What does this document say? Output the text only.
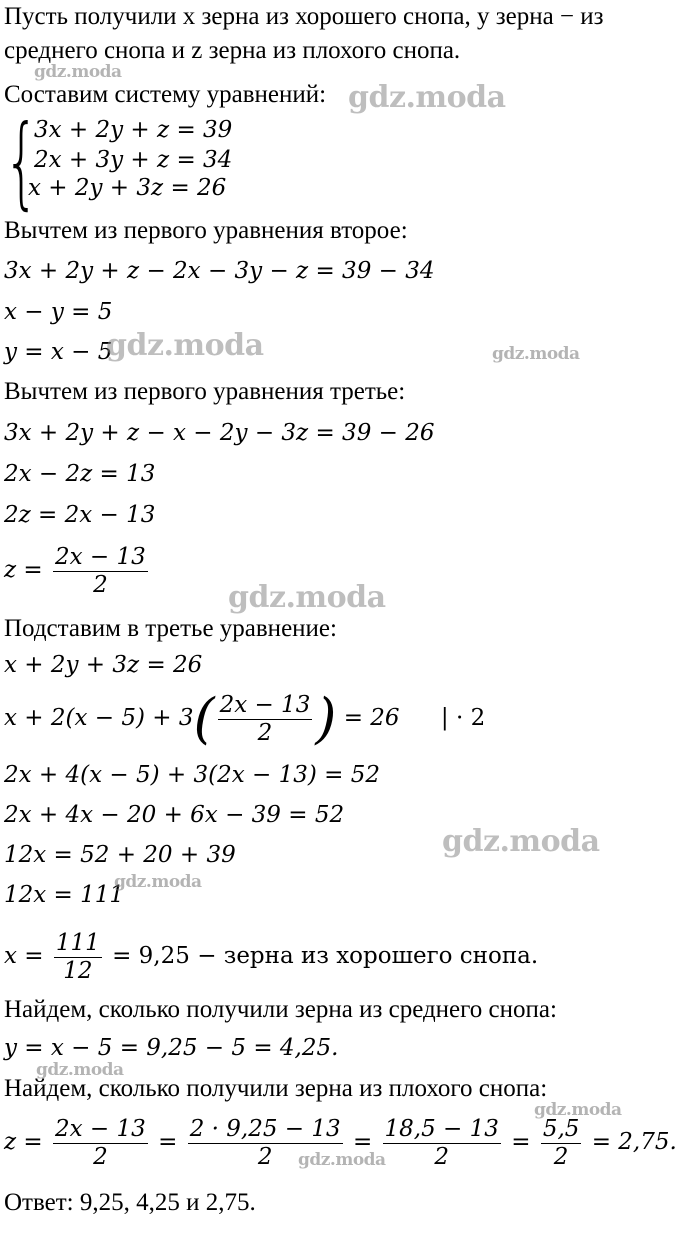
Пусть получили x зерна из хорошего снопа, y зерна − из
среднего снопа и z зерна из плохого снопа.
Составим систему уравнений:
{
3x + 2y + z = 39
2x + 3y + z = 34
x + 2y + 3z = 26
Вычтем из первого уравнения второе:
3x + 2y + z − 2x − 3y − z = 39 − 34
x − y = 5
y = x − 5
Вычтем из первого уравнения третье:
3x + 2y + z − x − 2y − 3z = 39 − 26
2x − 2z = 13
2z = 2x − 13
$z = \frac{2x - 13}{2}$
Подставим в третье уравнение:
x + 2y + 3z = 26
$x + 2(x - 5) + 3( \frac{2x - 13}{2}$ ) = 26 | · 2
2x + 4(x − 5) + 3(2x − 13) = 52
2x + 4x − 20 + 6x − 39 = 52
12x = 52 + 20 + 39
12x = 111
$x = \frac{111}{12} = 9,25$ − зерна из хорошего снопа.
Найдем, сколько получили зерна из среднего снопа:
y = x − 5 = 9,25 − 5 = 4,25.
Найдем, сколько получили зерна из плохого снопа:
$z = \frac{2x - 13}{2} = \frac{2 \cdot 9,25 - 13}{2} = \frac{18,5 - 13}{2} = \frac{5,5}{2} = 2,75$.
Ответ: 9,25, 4,25 и 2,75.
gdz.moda
gdz.moda
gdz.moda	gdz.moda
gdz.moda
gdz.moda
gdz.moda
gdz.moda
gdz.moda
gdz.moda
